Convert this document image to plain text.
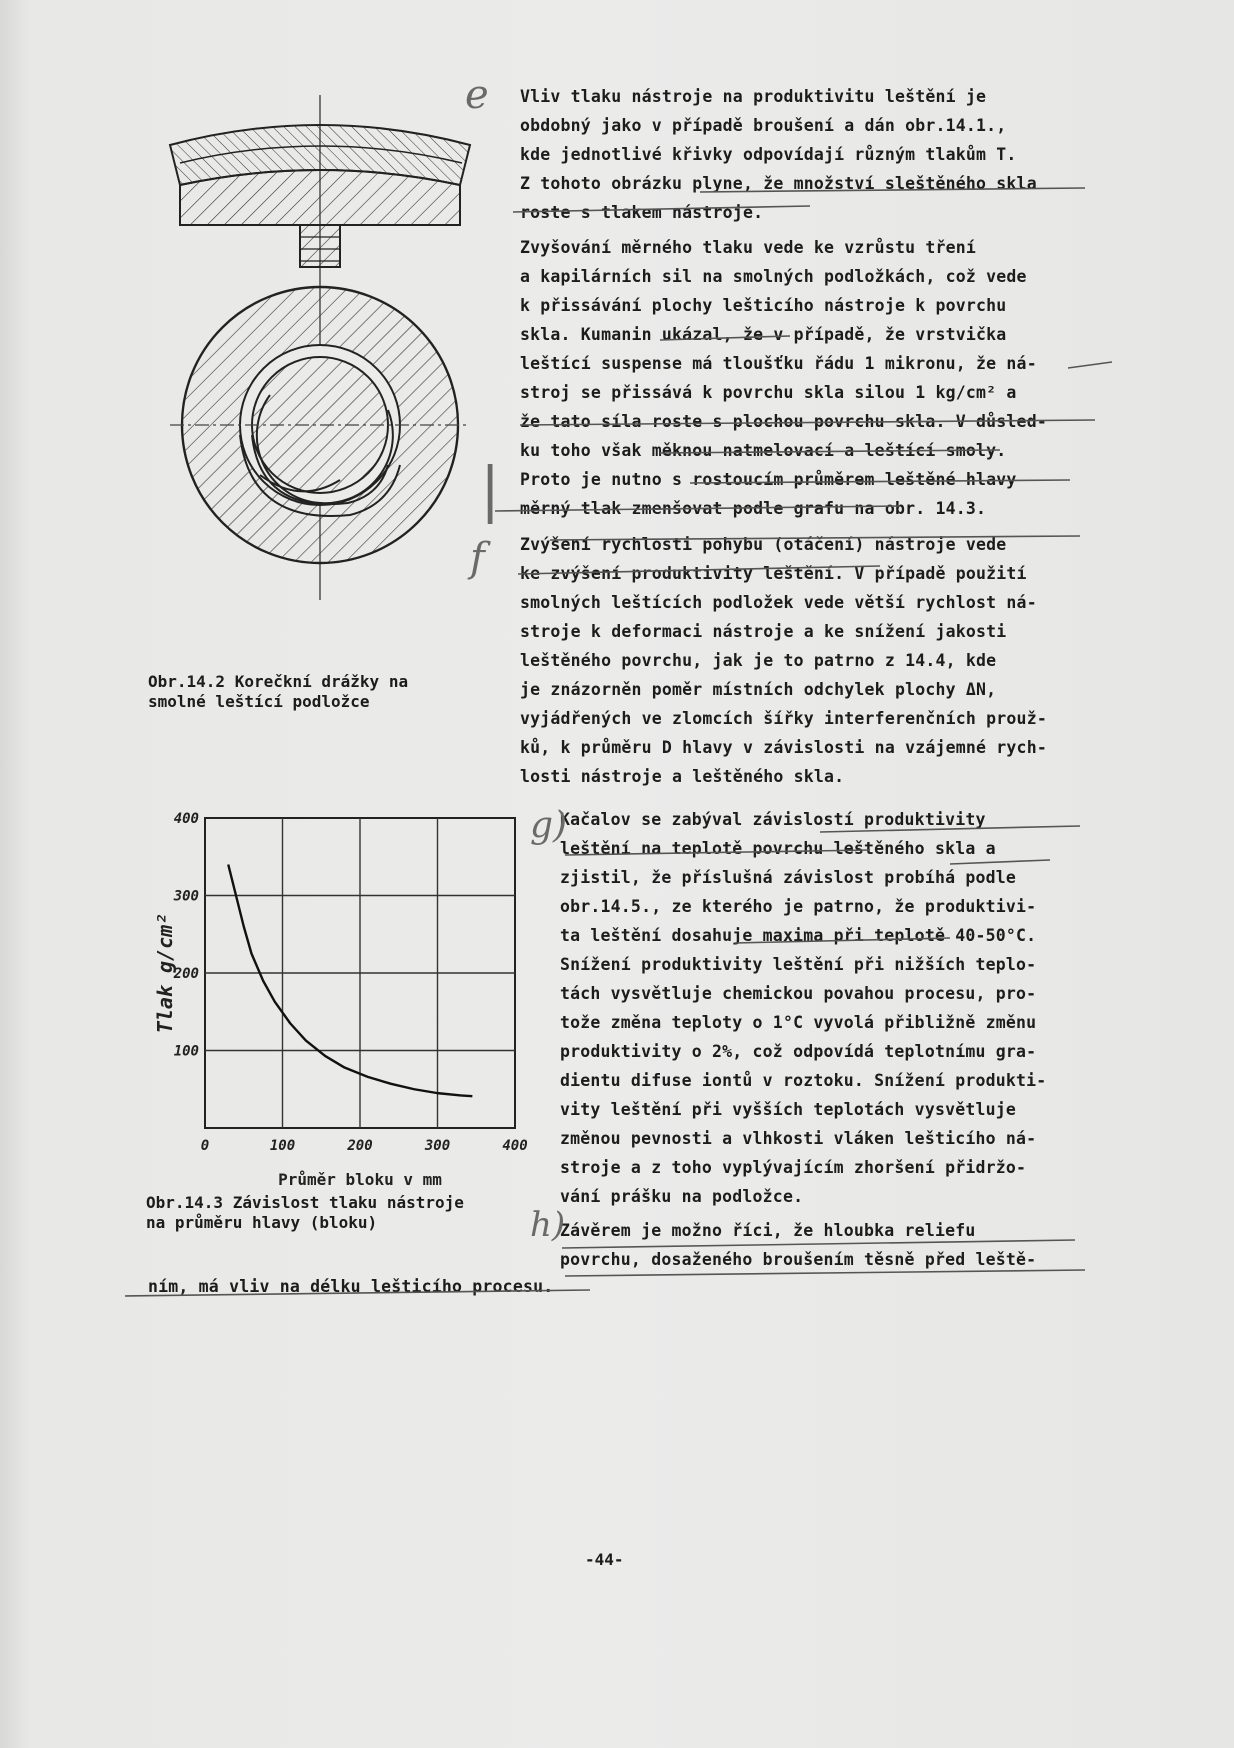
Obr.14.2 Korečkní drážky na
smolné leštící podložce
0	100	200	300	400
100
200
300
400
Tlak g/cm²
Průměr bloku v mm
Obr.14.3 Závislost tlaku nástroje
na průměru hlavy (bloku)
Vliv tlaku nástroje na produktivitu leštění je
obdobný jako v případě broušení a dán obr.14.1.,
kde jednotlivé křivky odpovídají různým tlakům T.
Z tohoto obrázku plyne, že množství sleštěného skla
roste s tlakem nástroje.
Zvyšování měrného tlaku vede ke vzrůstu tření
a kapilárních sil na smolných podložkách, což vede
k přissávání plochy lešticího nástroje k povrchu
skla. Kumanin ukázal, že v případě, že vrstvička
leštící suspense má tloušťku řádu 1 mikronu, že ná-
stroj se přissává k povrchu skla silou 1 kg/cm² a
že tato síla roste s plochou povrchu skla. V důsled-
ku toho však měknou natmelovací a leštící smoly.
Proto je nutno s rostoucím průměrem leštěné hlavy
měrný tlak zmenšovat podle grafu na obr. 14.3.
Zvýšení rychlosti pohybu (otáčení) nástroje vede
ke zvýšení produktivity leštění. V případě použití
smolných leštících podložek vede větší rychlost ná-
stroje k deformaci nástroje a ke snížení jakosti
leštěného povrchu, jak je to patrno z 14.4, kde
je znázorněn poměr místních odchylek plochy ΔN,
vyjádřených ve zlomcích šířky interferenčních prouž-
ků, k průměru D hlavy v závislosti na vzájemné rych-
losti nástroje a leštěného skla.
Kačalov se zabýval závislostí produktivity
leštění na teplotě povrchu leštěného skla a
zjistil, že příslušná závislost probíhá podle
obr.14.5., ze kterého je patrno, že produktivi-
ta leštění dosahuje maxima při teplotě 40-50°C.
Snížení produktivity leštění při nižších teplo-
tách vysvětluje chemickou povahou procesu, pro-
tože změna teploty o 1°C vyvolá přibližně změnu
produktivity o 2%, což odpovídá teplotnímu gra-
dientu difuse iontů v roztoku. Snížení produkti-
vity leštění při vyšších teplotách vysvětluje
změnou pevnosti a vlhkosti vláken lešticího ná-
stroje a z toho vyplývajícím zhoršení přidržo-
vání prášku na podložce.
Závěrem je možno říci, že hloubka reliefu
povrchu, dosaženého broušením těsně před leště-
ním, má vliv na délku lešticího procesu.
e
|
f
g)
h)
-44-
